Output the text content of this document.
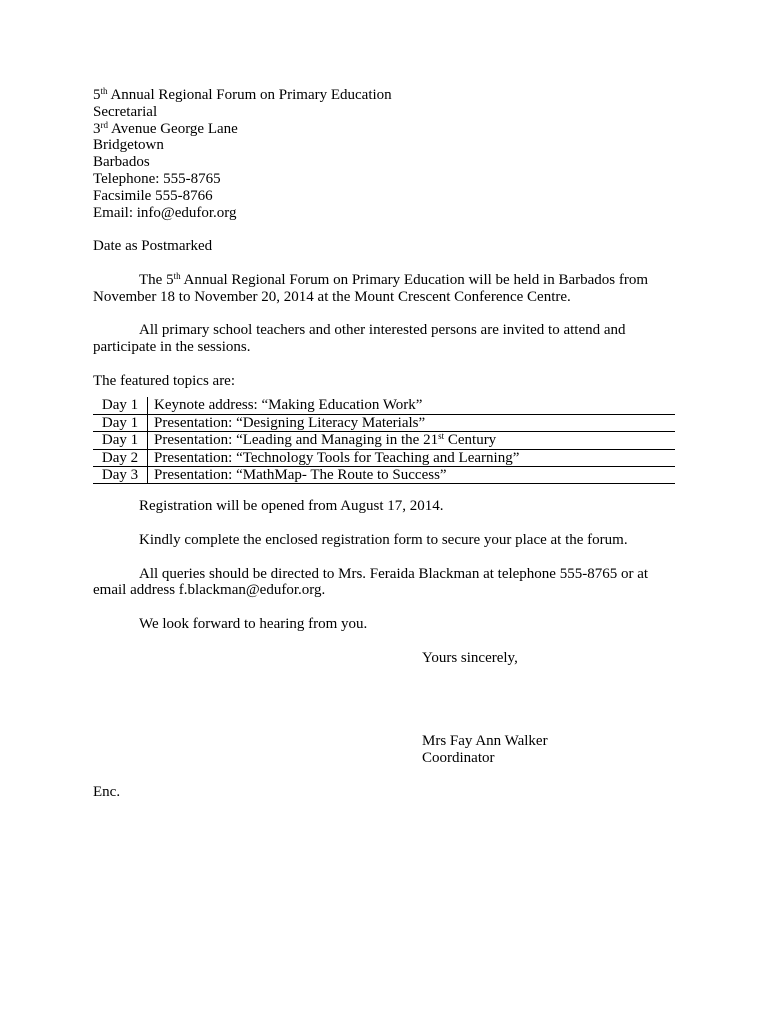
5th Annual Regional Forum on Primary Education
Secretarial
3rd Avenue George Lane
Bridgetown
Barbados
Telephone: 555-8765
Facsimile 555-8766
Email: info@edufor.org
Date as Postmarked

The 5th Annual Regional Forum on Primary Education will be held in Barbados from November 18 to November 20, 2014 at the Mount Crescent Conference Centre.

All primary school teachers and other interested persons are invited to attend and participate in the sessions.

The featured topics are:
Day 1	Keynote address: “Making Education Work”
Day 1	Presentation: “Designing Literacy Materials”
Day 1	Presentation: “Leading and Managing in the 21st Century
Day 2	Presentation: “Technology Tools for Teaching and Learning”
Day 3	Presentation: “MathMap- The Route to Success”
Registration will be opened from August 17, 2014.
Kindly complete the enclosed registration form to secure your place at the forum.

All queries should be directed to Mrs. Feraida Blackman at telephone 555-8765 or at email address f.blackman@edufor.org.

We look forward to hearing from you.
Yours sincerely,
Mrs Fay Ann Walker
Coordinator
Enc.
